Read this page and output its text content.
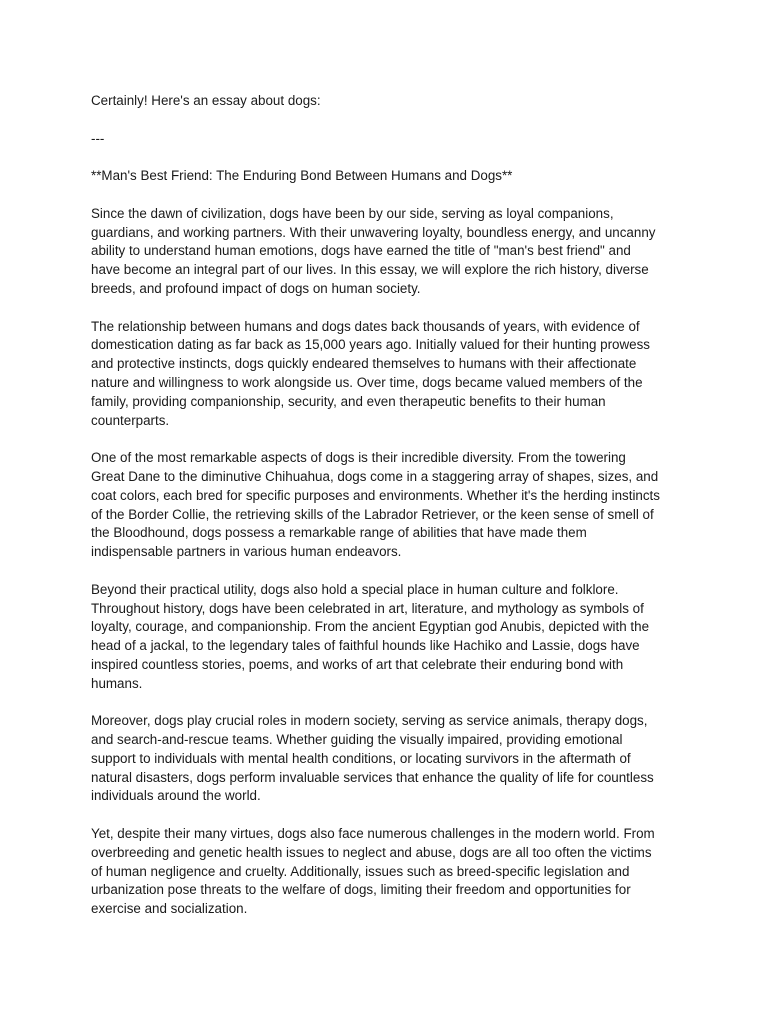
Certainly! Here's an essay about dogs:

---

**Man's Best Friend: The Enduring Bond Between Humans and Dogs**

Since the dawn of civilization, dogs have been by our side, serving as loyal companions,
guardians, and working partners. With their unwavering loyalty, boundless energy, and uncanny
ability to understand human emotions, dogs have earned the title of "man's best friend" and
have become an integral part of our lives. In this essay, we will explore the rich history, diverse
breeds, and profound impact of dogs on human society.
The relationship between humans and dogs dates back thousands of years, with evidence of
domestication dating as far back as 15,000 years ago. Initially valued for their hunting prowess
and protective instincts, dogs quickly endeared themselves to humans with their affectionate
nature and willingness to work alongside us. Over time, dogs became valued members of the
family, providing companionship, security, and even therapeutic benefits to their human
counterparts.
One of the most remarkable aspects of dogs is their incredible diversity. From the towering
Great Dane to the diminutive Chihuahua, dogs come in a staggering array of shapes, sizes, and
coat colors, each bred for specific purposes and environments. Whether it's the herding instincts
of the Border Collie, the retrieving skills of the Labrador Retriever, or the keen sense of smell of
the Bloodhound, dogs possess a remarkable range of abilities that have made them
indispensable partners in various human endeavors.
Beyond their practical utility, dogs also hold a special place in human culture and folklore.
Throughout history, dogs have been celebrated in art, literature, and mythology as symbols of
loyalty, courage, and companionship. From the ancient Egyptian god Anubis, depicted with the
head of a jackal, to the legendary tales of faithful hounds like Hachiko and Lassie, dogs have
inspired countless stories, poems, and works of art that celebrate their enduring bond with
humans.
Moreover, dogs play crucial roles in modern society, serving as service animals, therapy dogs,
and search-and-rescue teams. Whether guiding the visually impaired, providing emotional
support to individuals with mental health conditions, or locating survivors in the aftermath of
natural disasters, dogs perform invaluable services that enhance the quality of life for countless
individuals around the world.
Yet, despite their many virtues, dogs also face numerous challenges in the modern world. From
overbreeding and genetic health issues to neglect and abuse, dogs are all too often the victims
of human negligence and cruelty. Additionally, issues such as breed-specific legislation and
urbanization pose threats to the welfare of dogs, limiting their freedom and opportunities for
exercise and socialization.
